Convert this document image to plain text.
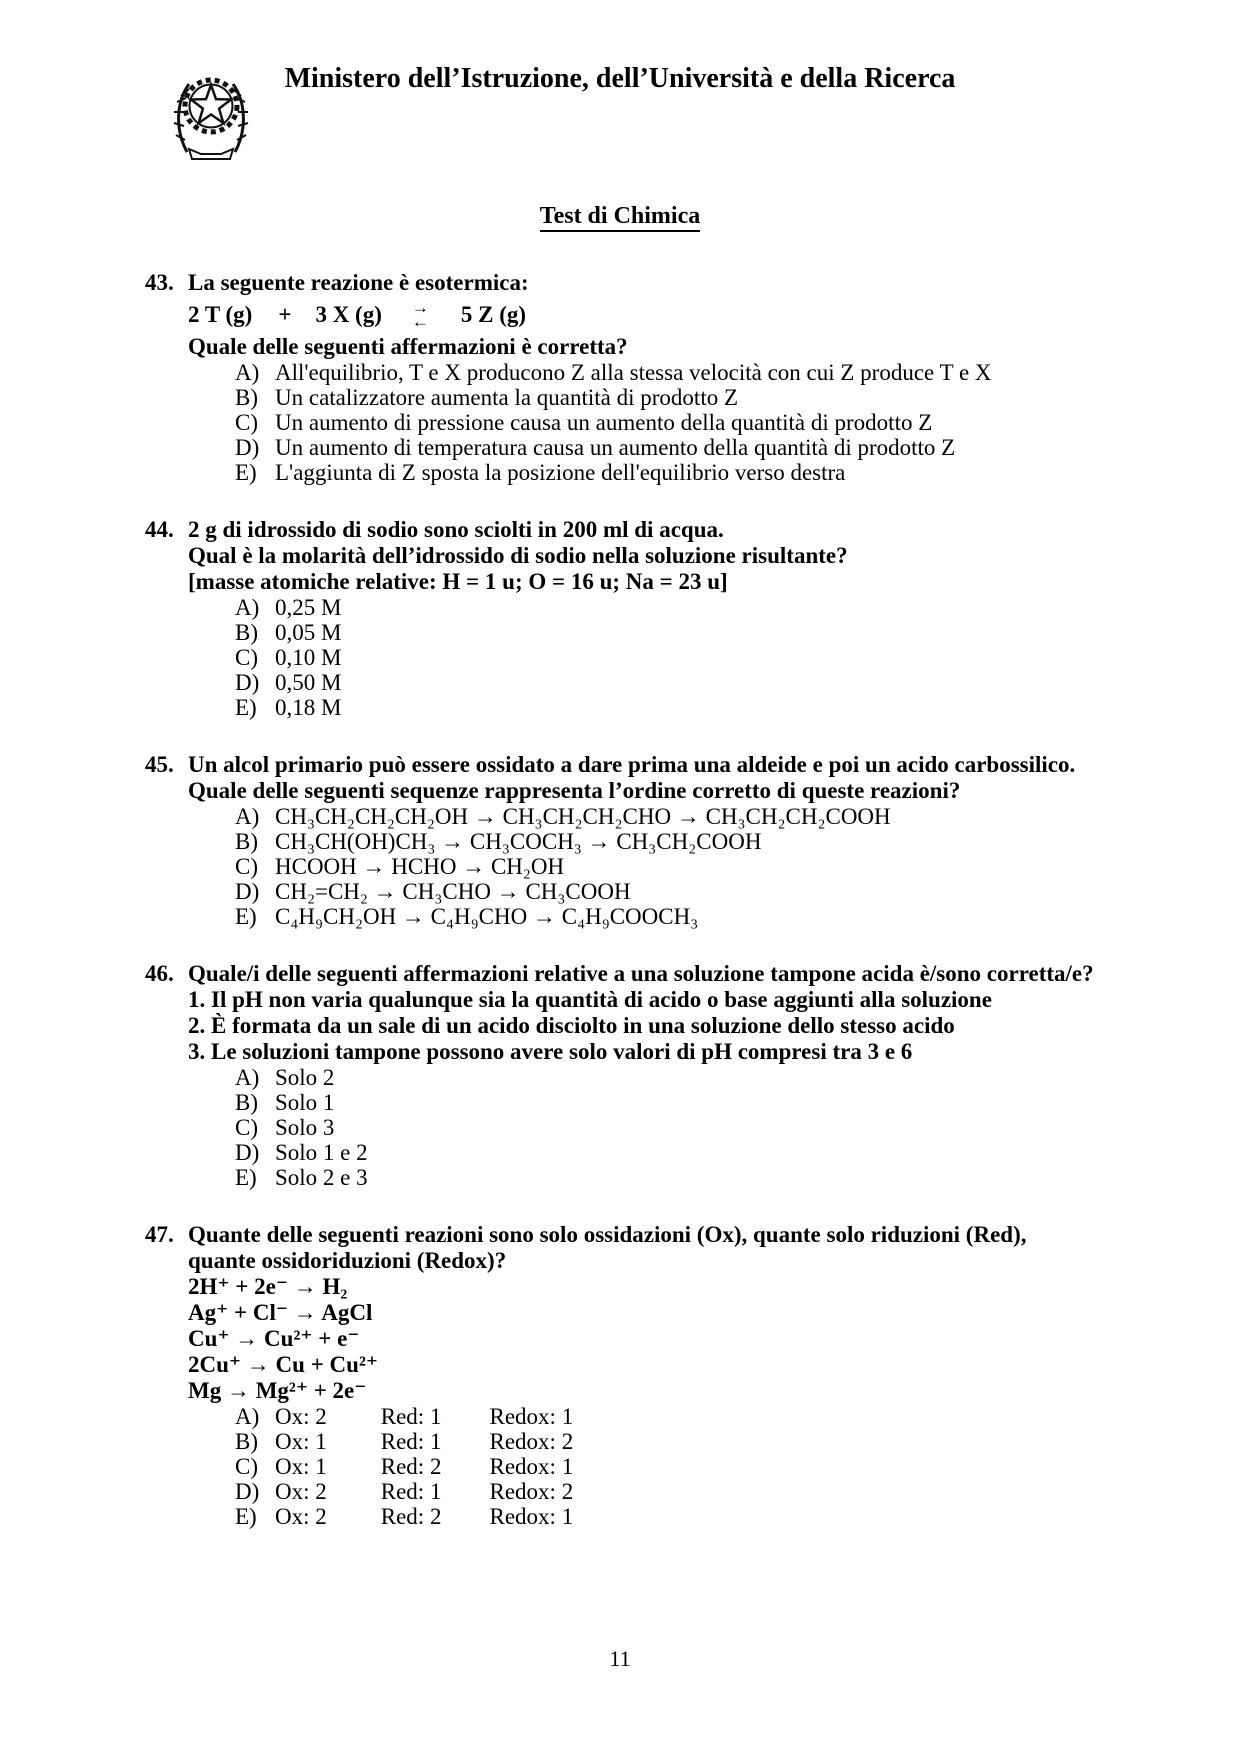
Ministero dell’Istruzione, dell’Università e della Ricerca
Test di Chimica
43. La seguente reazione è esotermica:
2 T (g) + 3 X (g) →
← 5 Z (g)
Quale delle seguenti affermazioni è corretta?
A) All'equilibrio, T e X producono Z alla stessa velocità con cui Z produce T e X
B) Un catalizzatore aumenta la quantità di prodotto Z
C) Un aumento di pressione causa un aumento della quantità di prodotto Z
D) Un aumento di temperatura causa un aumento della quantità di prodotto Z
E) L'aggiunta di Z sposta la posizione dell'equilibrio verso destra
44. 2 g di idrossido di sodio sono sciolti in 200 ml di acqua.
Qual è la molarità dell’idrossido di sodio nella soluzione risultante?
[masse atomiche relative: H = 1 u; O = 16 u; Na = 23 u]
A) 0,25 M
B) 0,05 M
C) 0,10 M
D) 0,50 M
E) 0,18 M
45. Un alcol primario può essere ossidato a dare prima una aldeide e poi un acido carbossilico.
Quale delle seguenti sequenze rappresenta l’ordine corretto di queste reazioni?
A) CH₃CH₂CH₂CH₂OH → CH₃CH₂CH₂CHO → CH₃CH₂CH₂COOH
B) CH₃CH(OH)CH₃ → CH₃COCH₃ → CH₃CH₂COOH
C) HCOOH → HCHO → CH₂OH
D) CH₂=CH₂ → CH₃CHO → CH₃COOH
E) C₄H₉CH₂OH → C₄H₉CHO → C₄H₉COOCH₃
46. Quale/i delle seguenti affermazioni relative a una soluzione tampone acida è/sono corretta/e?
1. Il pH non varia qualunque sia la quantità di acido o base aggiunti alla soluzione
2. È formata da un sale di un acido disciolto in una soluzione dello stesso acido
3. Le soluzioni tampone possono avere solo valori di pH compresi tra 3 e 6
A) Solo 2
B) Solo 1
C) Solo 3
D) Solo 1 e 2
E) Solo 2 e 3
47. Quante delle seguenti reazioni sono solo ossidazioni (Ox), quante solo riduzioni (Red),
quante ossidoriduzioni (Redox)?
2H⁺ + 2e⁻ → H₂
Ag⁺ + Cl⁻ → AgCl
Cu⁺ → Cu²⁺ + e⁻
2Cu⁺ → Cu + Cu²⁺
Mg → Mg²⁺ + 2e⁻
A) Ox: 2 Red: 1 Redox: 1
B) Ox: 1 Red: 1 Redox: 2
C) Ox: 1 Red: 2 Redox: 1
D) Ox: 2 Red: 1 Redox: 2
E) Ox: 2 Red: 2 Redox: 1
11
